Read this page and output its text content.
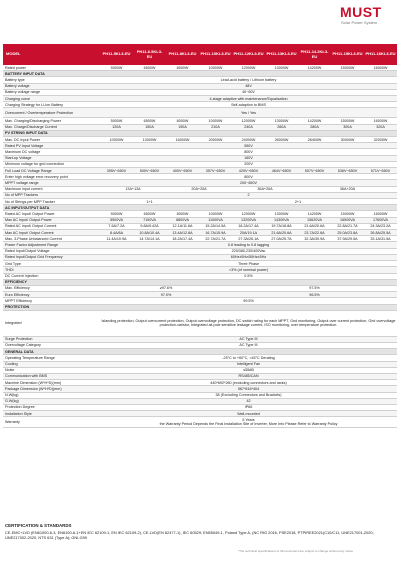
MUST
Solar Power System
MODEL	PH11-5KL3-EU	PH11-6.5KL3-EU	PH11-8KL3-EU	PH11-10KL3-EU	PH11-12KL3-EU	PH11-13KL3-EU	PH11-14.2KL3-EU	PH11-15KL3-EU	PH11-16KL3-EU
Rated power	5000W	6500W	8000W	10000W	12000W	13000W	14200W	15000W	16000W
BATTERY INPUT DATA									
Battery type	Lead-acid battery / Lithium battery								
Battery voltage	48V								
Battery voltage range	40~60V								
Charging curve	4-stage adaptive with maintenance/Equalization								
Charging Strategy for Li-Ion Battery	Self-adaption to BMS								
Overcurrent / Overtemperature Protection	Yes / Yes								
Max. Charging/Discharging Power	5000W	6500W	8000W	10000W	12000W	13000W	14200W	15000W	16000W
Max. Charge/Discharge Current	120A	150A	190A	210A	240A	260A	280A	300A	320A
PV STRING INPUT DATA									
Max. DC Input Power	10000W	13000W	16000W	20000W	24000W	26000W	28400W	30000W	32000W
Rated PV Input Voltage	550V								
Maximum DC voltage	800V								
Start-up Voltage	160V								
Minimum voltage for grid connection	200V								
Full Load DC Voltage Range	395V~650V	500V~650V	400V~650V	357V~650V	429V~650V	464V~650V	507V~650V	536V~650V	571V~650V
Enter high voltage error recovery point	800V								
MPPT voltage range	200~650V								
Maximum input current	13A+13A		20A+20A		36A+20A		36A+20A		
No of MPP Trackers	2								
No of Strings per MPP Tracker	1+1			2+1					
AC INPUT/OUTPUT DATA									
Rated AC Input/ Output Power	5000W	6500W	8000W	10000W	12000W	13000W	14200W	15000W	16000W
Max AC Input/ Output Power	5500VA	7150VA	8800VA	11000VA	13200VA	14300VA	15620VA	16500VA	17600VA
Rated AC Input/ Output Current	7.6A/7.2A	9.8A/9.42A	12.1A/11.6A	15.2A/14.5A	18.2A/17.4A	19.7A/18.8A	21.6A/20.6A	22.8A/21.7A	24.3A/23.2A
Max AC Input/ Output Current	8.4A/8A	10.8A/10.4A	13.4A/12.8A	16.7A/15.9A	20A/19.1A	21.6A/20.6A	23.7A/22.6A	25.0A/23.8A	26.8A/25.5A
Max. 3-Phase Unbalanced Current	11.4A/10.9A	14.7A/14.1A	18.2A/17.4A	22.7A/21.7A	27.3A/26.1A	27.0A/25.7A	32.3A/30.9A	37.9A/29.5A	33.1A/31.5A
Power Factor Adjustment Range	0.8 leading to 0.8 lagging								
Rated Input/Output Voltage	220/380,230/400Vac								
Rated Input/Output Grid Frequency	60Hz±5Hz/50Hz±5Hz								
Grid Type	Three Phase								
THDi	<3% (of nominal power)								
DC Current Injection	0.5%								
EFFICIENCY									
Max. Efficiency	≥97.6%				97.5%				
Euro Efficiency	97.0%				96.5%				
MPPT Efficiency	99.5%								
PROTECTION									
Integrated	Islanding protection, Output overcurrent protection, Output overvoltage protection, DC switch rating for each MPPT, Gnd monitoring, Output over current protection, Gird overvoltage protection-varistor, Integrated all-pole sensitive leakage current, ISO monitoring, over temperature protection.								
Surge Protection	AC Type III								
Overvoltage Category	AC Type III								
GENERAL DATA									
Operating Temperature Range	-25°C to +60°C, >45°C Derating								
Cooling	Intelligent Fan								
Noise	≤55dB								
Communication with BMS	RS485/CAN								
Machine Dimension (W*H*D)(mm)	440*692*260 (excluding connectors and racks)								
Package Dimension (W*H*D)(mm)	567*816*404								
N.W(kg)	38 (Excluding Connectors and Brackets)								
G.W(kg)	42								
Protection Degree	IP66								
Installation Style	Wall-mounted								
Warranty	5 Years
the Warranty Period Depends the Final Installation Site of Inverter, More Info Please Refer to Warranty Policy								
CERTIFICATION & STANDARDS
CE-EMC+LVD (EN61000-6-3, EN6100-6-1+EN IEC 62109-1, EN IEC 62109-2), CE-LVD(EN 62477-1), IEC 60529; EN55049-1, Poland Type A, (NC RfG 2016, PSE2018, PTPIREE2021(C10/C11, UNE217001-2020; UNE217002-2020, NTS 631 (Type A); GNI-G99
*The technical specifications of this document are subject to change without any notice
